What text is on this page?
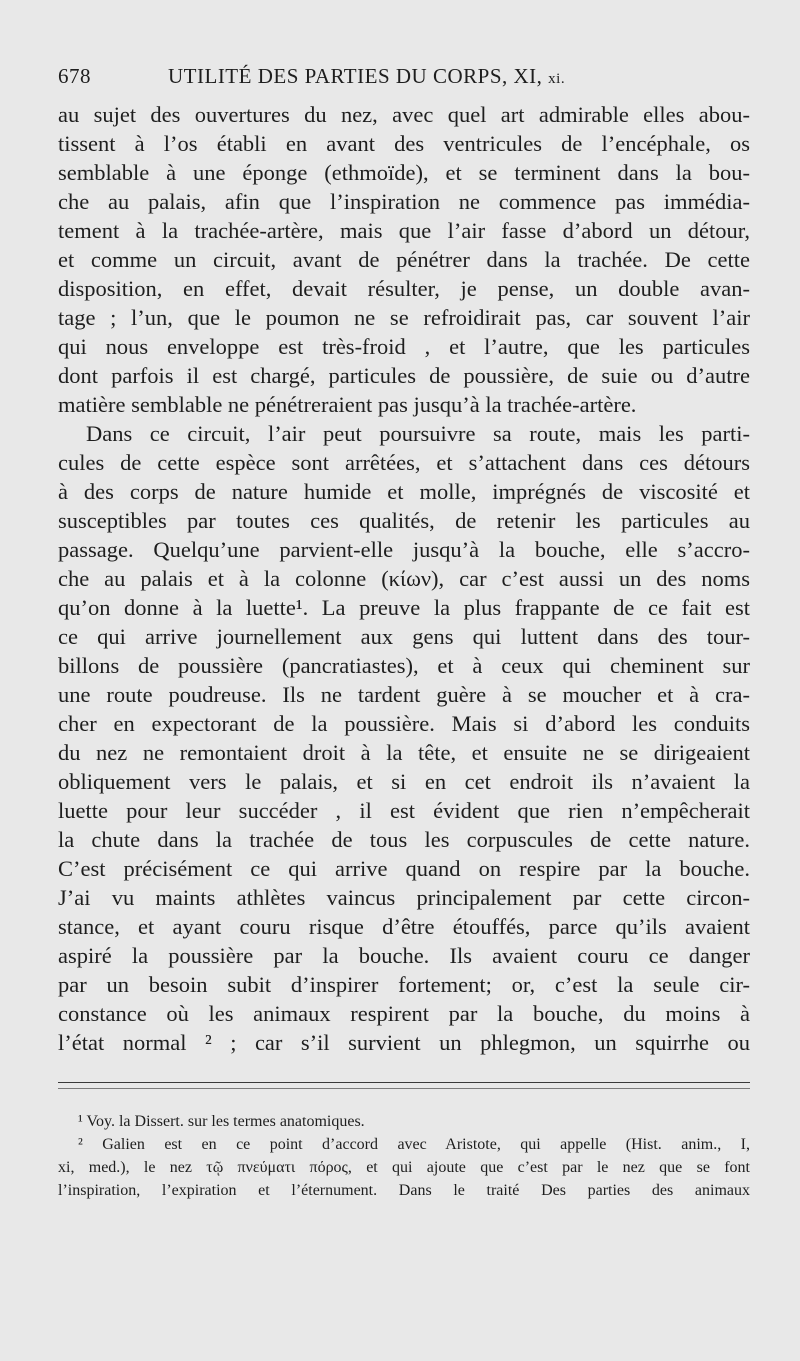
678	UTILITÉ DES PARTIES DU CORPS, XI, xi.
au sujet des ouvertures du nez, avec quel art admirable elles abou-
tissent à l’os établi en avant des ventricules de l’encéphale, os
semblable à une éponge (ethmoïde), et se terminent dans la bou-
che au palais, afin que l’inspiration ne commence pas immédia-
tement à la trachée-artère, mais que l’air fasse d’abord un détour,
et comme un circuit, avant de pénétrer dans la trachée. De cette
disposition, en effet, devait résulter, je pense, un double avan-
tage ; l’un, que le poumon ne se refroidirait pas, car souvent l’air
qui nous enveloppe est très-froid , et l’autre, que les particules
dont parfois il est chargé, particules de poussière, de suie ou d’autre
matière semblable ne pénétreraient pas jusqu’à la trachée-artère.
Dans ce circuit, l’air peut poursuivre sa route, mais les parti-
cules de cette espèce sont arrêtées, et s’attachent dans ces détours
à des corps de nature humide et molle, imprégnés de viscosité et
susceptibles par toutes ces qualités, de retenir les particules au
passage. Quelqu’une parvient-elle jusqu’à la bouche, elle s’accro-
che au palais et à la colonne (κίων), car c’est aussi un des noms
qu’on donne à la luette¹. La preuve la plus frappante de ce fait est
ce qui arrive journellement aux gens qui luttent dans des tour-
billons de poussière (pancratiastes), et à ceux qui cheminent sur
une route poudreuse. Ils ne tardent guère à se moucher et à cra-
cher en expectorant de la poussière. Mais si d’abord les conduits
du nez ne remontaient droit à la tête, et ensuite ne se dirigeaient
obliquement vers le palais, et si en cet endroit ils n’avaient la
luette pour leur succéder , il est évident que rien n’empêcherait
la chute dans la trachée de tous les corpuscules de cette nature.
C’est précisément ce qui arrive quand on respire par la bouche.
J’ai vu maints athlètes vaincus principalement par cette circon-
stance, et ayant couru risque d’être étouffés, parce qu’ils avaient
aspiré la poussière par la bouche. Ils avaient couru ce danger
par un besoin subit d’inspirer fortement; or, c’est la seule cir-
constance où les animaux respirent par la bouche, du moins à
l’état normal ² ; car s’il survient un phlegmon, un squirrhe ou
¹ Voy. la Dissert. sur les termes anatomiques.
² Galien est en ce point d’accord avec Aristote, qui appelle (Hist. anim., I,
xi, med.), le nez τῷ πνεύματι πόρος, et qui ajoute que c’est par le nez que se font
l’inspiration, l’expiration et l’éternument. Dans le traité Des parties des animaux
